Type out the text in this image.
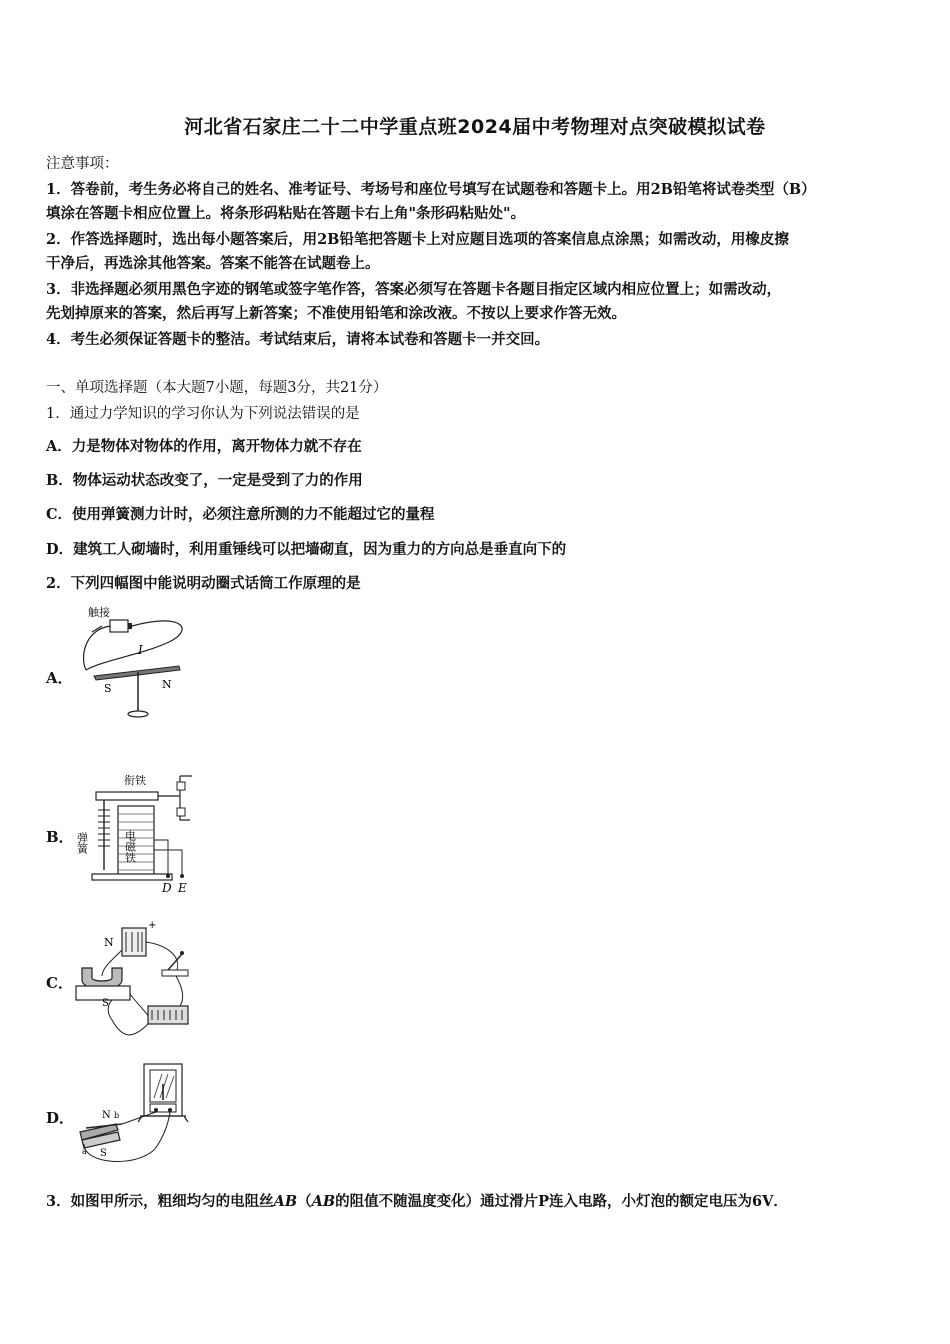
河北省石家庄二十二中学重点班2024届中考物理对点突破模拟试卷
注意事项：
1．答卷前，考生务必将自己的姓名、准考证号、考场号和座位号填写在试题卷和答题卡上。用2B铅笔将试卷类型（B）
填涂在答题卡相应位置上。将条形码粘贴在答题卡右上角"条形码粘贴处"。
2．作答选择题时，选出每小题答案后，用2B铅笔把答题卡上对应题目选项的答案信息点涂黑；如需改动，用橡皮擦
干净后，再选涂其他答案。答案不能答在试题卷上。
3．非选择题必须用黑色字迹的钢笔或签字笔作答，答案必须写在答题卡各题目指定区域内相应位置上；如需改动，
先划掉原来的答案，然后再写上新答案；不准使用铅笔和涂改液。不按以上要求作答无效。
4．考生必须保证答题卡的整洁。考试结束后，请将本试卷和答题卡一并交回。
一、单项选择题（本大题7小题，每题3分，共21分）
1．通过力学知识的学习你认为下列说法错误的是
A．力是物体对物体的作用，离开物体力就不存在
B．物体运动状态改变了，一定是受到了力的作用
C．使用弹簧测力计时，必须注意所测的力不能超过它的量程
D．建筑工人砌墙时，利用重锤线可以把墙砌直，因为重力的方向总是垂直向下的
2．下列四幅图中能说明动圈式话筒工作原理的是
A．
触接
I
S	N
B．
衔铁
弹簧	电磁铁
D E
C．
+
N
S
D．	N b
a S
3．如图甲所示，粗细均匀的电阻丝AB（AB的阻值不随温度变化）通过滑片P连入电路，小灯泡的额定电压为6V．
